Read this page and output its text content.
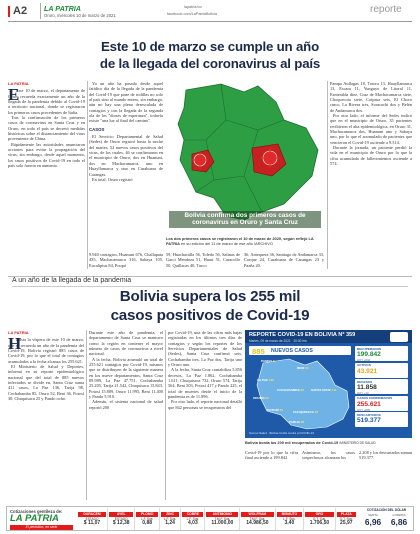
A2 LA PATRIA
Oruro, miércoles 10 de marzo de 2021
lapatria.bo
facebook.com/LaPatriaBolivia	reporte
Este 10 de marzo se cumple un año
de la llegada del coronavirus al país

LA PATRIA

E
Este 10 de marzo, el departamento de Oruro recuerda exactamente un año de la llegada de la pandemia debido al Covid-19 a territorio nacional, donde se registraron los primeros casos procedentes de Italia.

Tras la confirmación de los primeros casos de coronavirus en Santa Cruz y en Oruro, en todo el país se decretó medidas históricas sobre el distanciamiento del virus proveniente de China.

Rápidamente las autoridades anunciaron acciones para evitar la propagación del virus, sin embargo, desde aquel momento, los casos positivos de Covid-19 en todo el país solo fueron en aumento.

Ya un año ha pasado desde aquel fatídico día de la llegada de la pandemia del Covid-19 que pone de rodillas no solo al país sino al mundo entero, sin embargo, aún no hay una plena desescalada de contagios y con la llegada de la segunda ola de los "dioses de esperanza", todavía existe "una luz al final del camino".

CASOS

El Servicio Departamental de Salud (Sedes) de Oruro registró hasta la noche del martes, 52 nuevos casos positivos del virus, de los cuales, 46 se confirmaron en el municipio de Oruro, dos en Huanuni, dos en Machacamarca, uno en Huayllamarca y uno en Curahuara de Carangas.

En total, Oruro registró

Bolivia confirma dos primeros casos de
coronavirus en Oruro y Santa Cruz
Los dos primeros casos se registraron el 10 de marzo de 2020, según reflejó LA PATRIA en su edición del 11 de marzo de ese año /ARCHIVO
9.940 contagios, Huanuni 676, Challapata 435, Machacamarca 316, Sabaya 105, Eucaliptus 84, Poopó
59, Huachacalla 56, Toledo 56, Salinas de Garci Mendoza 51, Huari 51, Caracollo 50, Quillacas 40, Turco
36, Antequera 36, Santiago de Andamarca 33, Corque 24, Curahuara de Carangas 23 y Pazña 20.

Pampa Aullagas 18, Totora 13, Huayllamarca 13, Escara 11, Yunguyo de Litoral 11, Esmeralda diez, Cruz de Machacamarca siete, Choquecota siete, Coipasa seis, El Choro cinco, La Rivera tres, Soracachi dos y Belén de Andamarca dos.

Por otro lado, el informe del Sedes indicó que en el municipio de Oruro, 35 pacientes recibieron el alta epidemiológica, en Oruro 31, Machacamarca dos, Huanuni uno y Sabaya uno, por lo que el acumulado de pacientes que vencieron el Covid-19 asciende a 9.514.

Durante la jornada, un paciente perdió la vida en el municipio de Oruro por lo que la cifra acumulada de fallecimientos asciende a 574.

A un año de la llegada de la pandemia
Bolivia supera los 255 mil
casos positivos de Covid-19

LA PATRIA

H
Hasta la víspera de este 10 de marzo, que se recuerda un año de la pandemia del Covid-19, Bolivia registró 885 casos de Covid-19, por lo que el total de contagios acumulados a la fecha alcanza los 255.621.

El Ministerio de Salud y Deportes, informó en su reporte epidemiológico nacional que del total de 885 nuevos infectados se divide en, Santa Cruz suma 411 casos, La Paz 136, Tarija 98, Cochabamba 85, Oruro 52, Beni 36, Potosí 30, Chuquisaca 25 y Pando ocho.

Durante este año de pandemia, el departamento de Santa Cruz se mantuvo como la región en contener el mayor número de casos de coronavirus a nivel nacional.

A la fecha, Bolivia acumuló un total de 255.621 contagios por Covid-19, mismos que se distribuyen de la siguiente manera en los nueve departamentos, Santa Cruz 89.989, La Paz 47.751, Cochabamba 25.205, Tarija 21.542, Chuquisaca 15.843, Potosí 15.809, Oruro 11.995, Beni 11.400 y Pando 5.910.

Además, el sistema nacional de salud reportó 200

por Covid-19, una de las cifras más bajas registradas en los últimos tres días de contagios y según los reportes de los Servicios Departamentales de Salud (Sedes), Santa Cruz confirmó seis, Cochabamba tres, La Paz dos, Tarija uno y Oruro uno.

A la fecha, Santa Cruz contabiliza 5.856 decesos, La Paz 1.862, Cochabamba 1.611, Chuquisaca 732, Oruro 574, Tarija 564, Beni 503, Potosí 417 y Pando 225, el total de muertes desde el inicio de la pandemia es de 11.896.

Por otro lado, el reporte nacional detalló que 842 personas se recuperaron del

REPORTE COVID-19 EN BOLIVIA Nº 359
Martes, 09 de marzo de 2021 · 20:00 hrs
885 NUEVOS CASOS
PANDO 8
BENI 36
LA PAZ 136
COCHABAMBA 85 SANTA CRUZ 411
ORURO 52
POTOSÍ 30	CHUQUISACA 25
TARIJA 98
RECUPERADOS
199.842
HOY +842
ACTIVOS
43.921
DECESOS
11.858
HOY +13
CASOS CONFIRMADOS
255.621
HOY +885
DESCARTADOS
519.377
Somos Salud · Bolivia Unida contra el COVID-19
Bolivia borda los 200 mil recuperados de Covid-19 /MINISTERIO DE SALUD
Covid-19 por lo que la cifra final asciende a 199.842.
Asimismo, los casos sospechosos alcanzan los
2.208 y los descartados suman 519.377.
Cotizaciones gentileza de:
LA PATRIA
El periódico, en serio
DURACEM
ESTADO
$ 11,07

AYEL
ESTADO
$ 12,38

PLOMO
L.F. Sus.
0,88

ZINC
L.F. Sus.
1,24

COBRE
L.F. Sus.
4,03

ANTIMONIO
T.M.F. Sus.
11.000,00

WOLFRAM
T.M.F. Sus.
14.986,50

BISMUTO
L.F. Sus.
3,40

ORO
O.T. Sus.
1.706,50

PLATA
O.T. Sus.
25,97
COTIZACIÓN DEL DÓLAR
VENTA
6,96
COMPRA
6,86
